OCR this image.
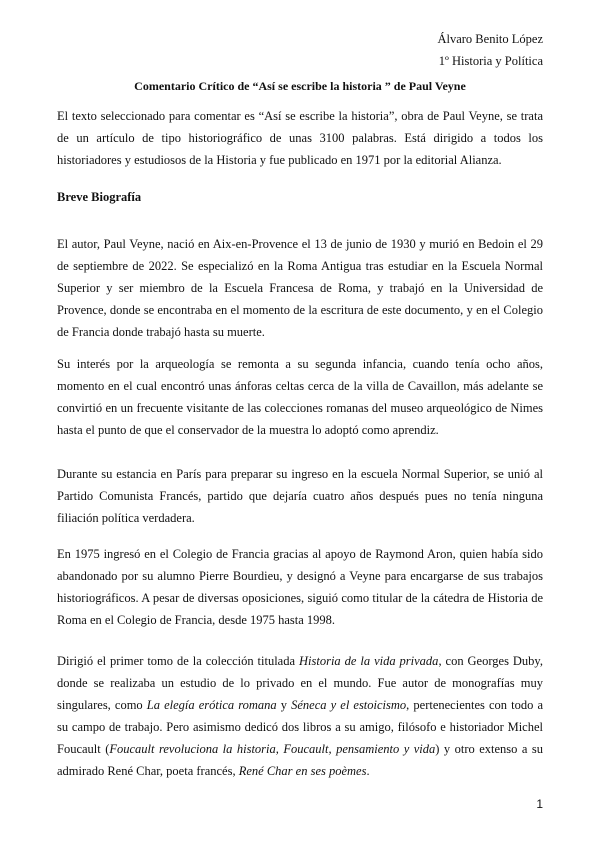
Álvaro Benito López
1º Historia y Política
Comentario Crítico de “Así se escribe la historia ” de Paul Veyne

El texto seleccionado para comentar es “Así se escribe la historia”, obra de Paul Veyne, se trata de un artículo de tipo historiográfico de unas 3100 palabras. Está dirigido a todos los historiadores y estudiosos de la Historia y fue publicado en 1971 por la editorial Alianza.

Breve Biografía

El autor, Paul Veyne, nació en Aix-en-Provence el 13 de junio de 1930 y murió en Bedoin el 29 de septiembre de 2022. Se especializó en la Roma Antigua tras estudiar en la Escuela Normal Superior y ser miembro de la Escuela Francesa de Roma, y trabajó en la Universidad de Provence, donde se encontraba en el momento de la escritura de este documento, y en el Colegio de Francia donde trabajó hasta su muerte.

Su interés por la arqueología se remonta a su segunda infancia, cuando tenía ocho años, momento en el cual encontró unas ánforas celtas cerca de la villa de Cavaillon, más adelante se convirtió en un frecuente visitante de las colecciones romanas del museo arqueológico de Nimes hasta el punto de que el conservador de la muestra lo adoptó como aprendiz.

Durante su estancia en París para preparar su ingreso en la escuela Normal Superior, se unió al Partido Comunista Francés, partido que dejaría cuatro años después pues no tenía ninguna filiación política verdadera.

En 1975 ingresó en el Colegio de Francia gracias al apoyo de Raymond Aron, quien había sido abandonado por su alumno Pierre Bourdieu, y designó a Veyne para encargarse de sus trabajos historiográficos. A pesar de diversas oposiciones, siguió como titular de la cátedra de Historia de Roma en el Colegio de Francia, desde 1975 hasta 1998.

Dirigió el primer tomo de la colección titulada Historia de la vida privada, con Georges Duby, donde se realizaba un estudio de lo privado en el mundo. Fue autor de monografías muy singulares, como La elegía erótica romana y Séneca y el estoicismo, pertenecientes con todo a su campo de trabajo. Pero asimismo dedicó dos libros a su amigo, filósofo e historiador Michel Foucault (Foucault revoluciona la historia, Foucault, pensamiento y vida) y otro extenso a su admirado René Char, poeta francés, René Char en ses poèmes.

1
